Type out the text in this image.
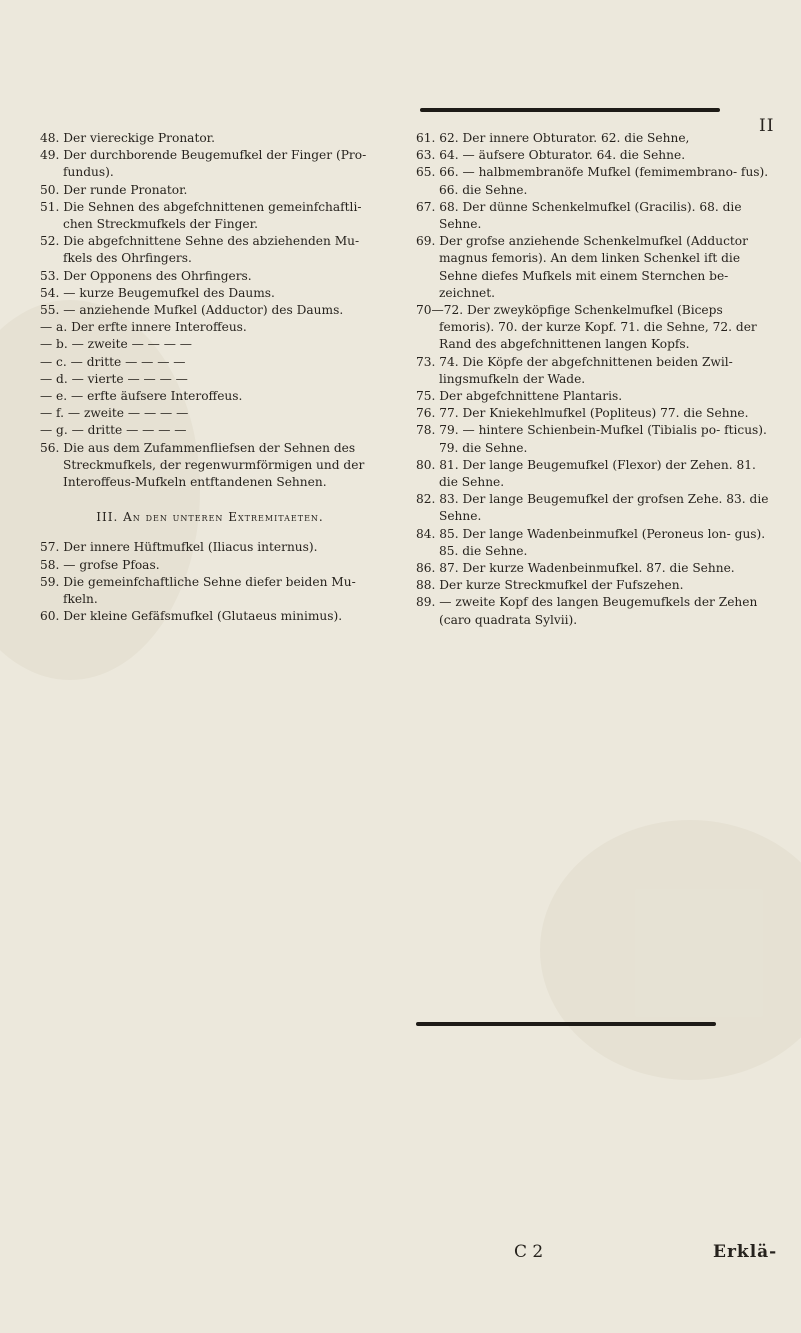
II

48. Der viereckige Pronator.

49. Der durchborende Beugemufkel der Finger (Pro- fundus).

50. Der runde Pronator.

51. Die Sehnen des abgefchnittenen gemeinfchaftli- chen Streckmufkels der Finger.

52. Die abgefchnittene Sehne des abziehenden Mu- fkels des Ohrfingers.

53. Der Opponens des Ohrfingers.

54. — kurze Beugemufkel des Daums.

55. — anziehende Mufkel (Adductor) des Daums.

— a. Der erfte innere Interoffeus.

— b. — zweite — — — —

— c. — dritte — — — —

— d. — vierte — — — —

— e. — erfte äufsere Interoffeus.

— f. — zweite — — — —

— g. — dritte — — — —

56. Die aus dem Zufammenfliefsen der Sehnen des Streckmufkels, der regenwurmförmigen und der Interoffeus-Mufkeln entftandenen Sehnen.

III. An den unteren Extremitaeten.

57. Der innere Hüftmufkel (Iliacus internus).

58. — grofse Pfoas.

59. Die gemeinfchaftliche Sehne diefer beiden Mu- fkeln.

60. Der kleine Gefäfsmufkel (Glutaeus minimus).

61. 62. Der innere Obturator. 62. die Sehne,

63. 64. — äufsere Obturator. 64. die Sehne.

65. 66. — halbmembranöfe Mufkel (femimembrano- fus). 66. die Sehne.

67. 68. Der dünne Schenkelmufkel (Gracilis). 68. die Sehne.

69. Der grofse anziehende Schenkelmufkel (Adductor magnus femoris). An dem linken Schenkel ift die Sehne diefes Mufkels mit einem Sternchen be- zeichnet.

70—72. Der zweyköpfige Schenkelmufkel (Biceps femoris). 70. der kurze Kopf. 71. die Sehne, 72. der Rand des abgefchnittenen langen Kopfs.

73. 74. Die Köpfe der abgefchnittenen beiden Zwil- lingsmufkeln der Wade.

75. Der abgefchnittene Plantaris.

76. 77. Der Kniekehlmufkel (Popliteus) 77. die Sehne.

78. 79. — hintere Schienbein-Mufkel (Tibialis po- fticus). 79. die Sehne.

80. 81. Der lange Beugemufkel (Flexor) der Zehen. 81. die Sehne.

82. 83. Der lange Beugemufkel der grofsen Zehe. 83. die Sehne.

84. 85. Der lange Wadenbeinmufkel (Peroneus lon- gus). 85. die Sehne.

86. 87. Der kurze Wadenbeinmufkel. 87. die Sehne.

88. Der kurze Streckmufkel der Fufszehen.

89. — zweite Kopf des langen Beugemufkels der Zehen (caro quadrata Sylvii).

C 2	Erklä-
